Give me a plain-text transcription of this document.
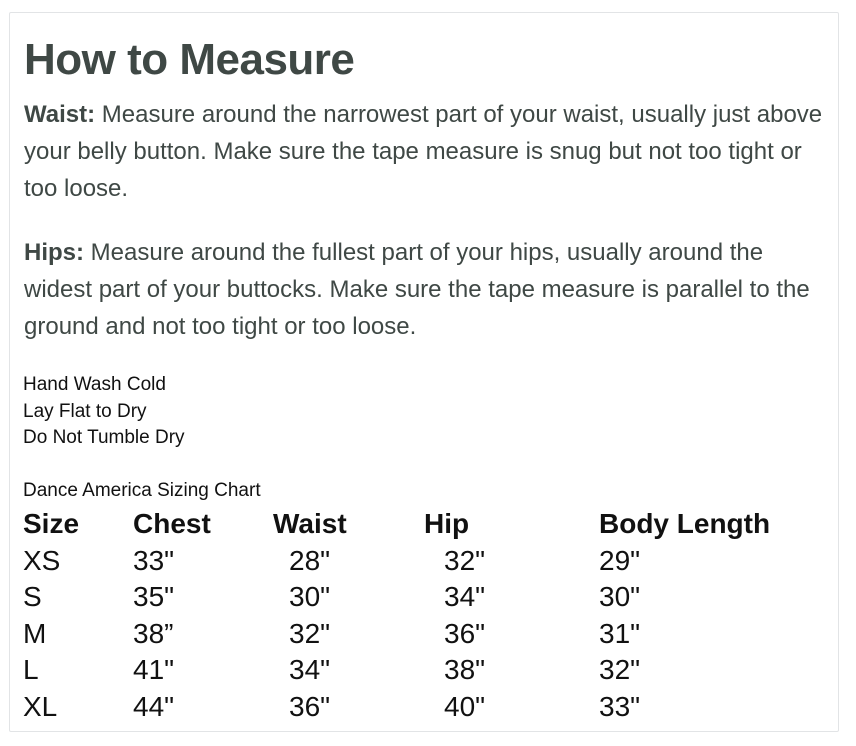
How to Measure

Waist: Measure around the narrowest part of your waist, usually just above your belly button. Make sure the tape measure is snug but not too tight or too loose.

Hips: Measure around the fullest part of your hips, usually around the widest part of your buttocks. Make sure the tape measure is parallel to the ground and not too tight or too loose.

Hand Wash Cold
Lay Flat to Dry
Do Not Tumble Dry
Dance America Sizing Chart
Size Chest Waist	Hip	Body Length
XS	33"	28"	32"	29"
S	35"	30"	34"	30"
M	38”	32"	36"	31"
L	41"	34"	38"	32"
XL	44"	36"	40"	33"
